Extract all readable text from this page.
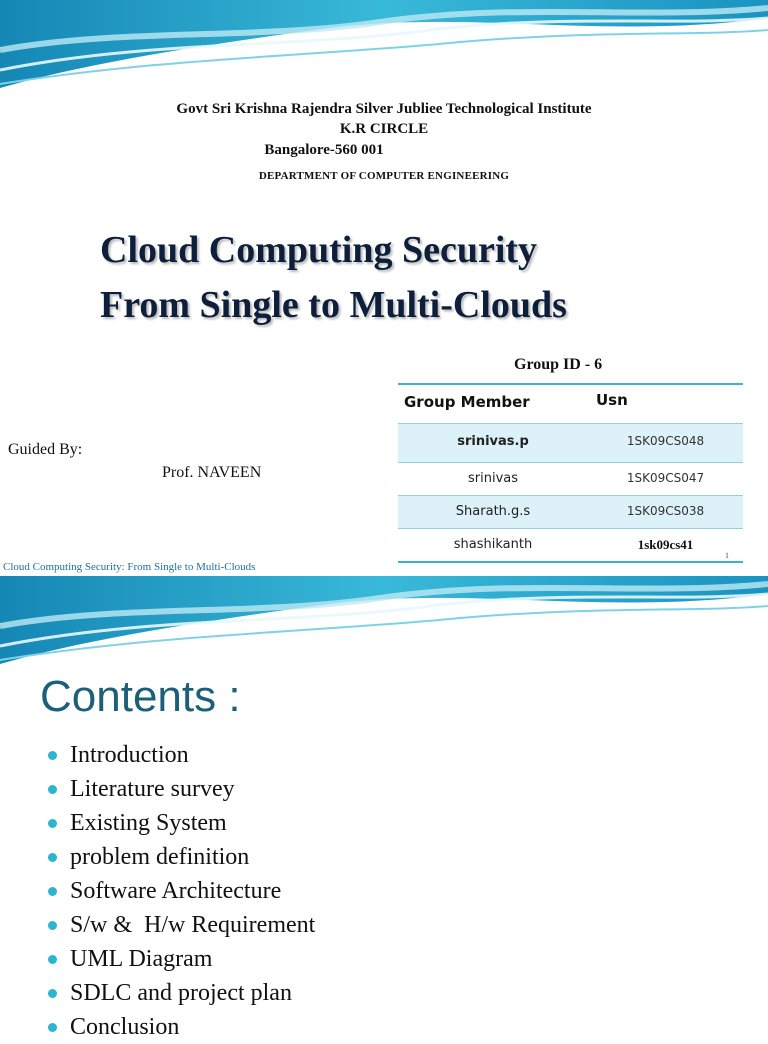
Govt Sri Krishna Rajendra Silver Jubliee Technological Institute

K.R CIRCLE

Bangalore-560 001

DEPARTMENT OF COMPUTER ENGINEERING

Cloud Computing Security

From Single to Multi-Clouds

Group ID - 6

Guided By:

Prof. NAVEEN

Group Member	Usn
srinivas.p	1SK09CS048
srinivas	1SK09CS047
Sharath.g.s	1SK09CS038
shashikanth	1sk09cs41

Cloud Computing Security: From Single to Multi-Clouds

1

Contents :

Introduction
Literature survey
Existing System
problem definition
Software Architecture
S/w &  H/w Requirement
UML Diagram
SDLC and project plan
Conclusion
